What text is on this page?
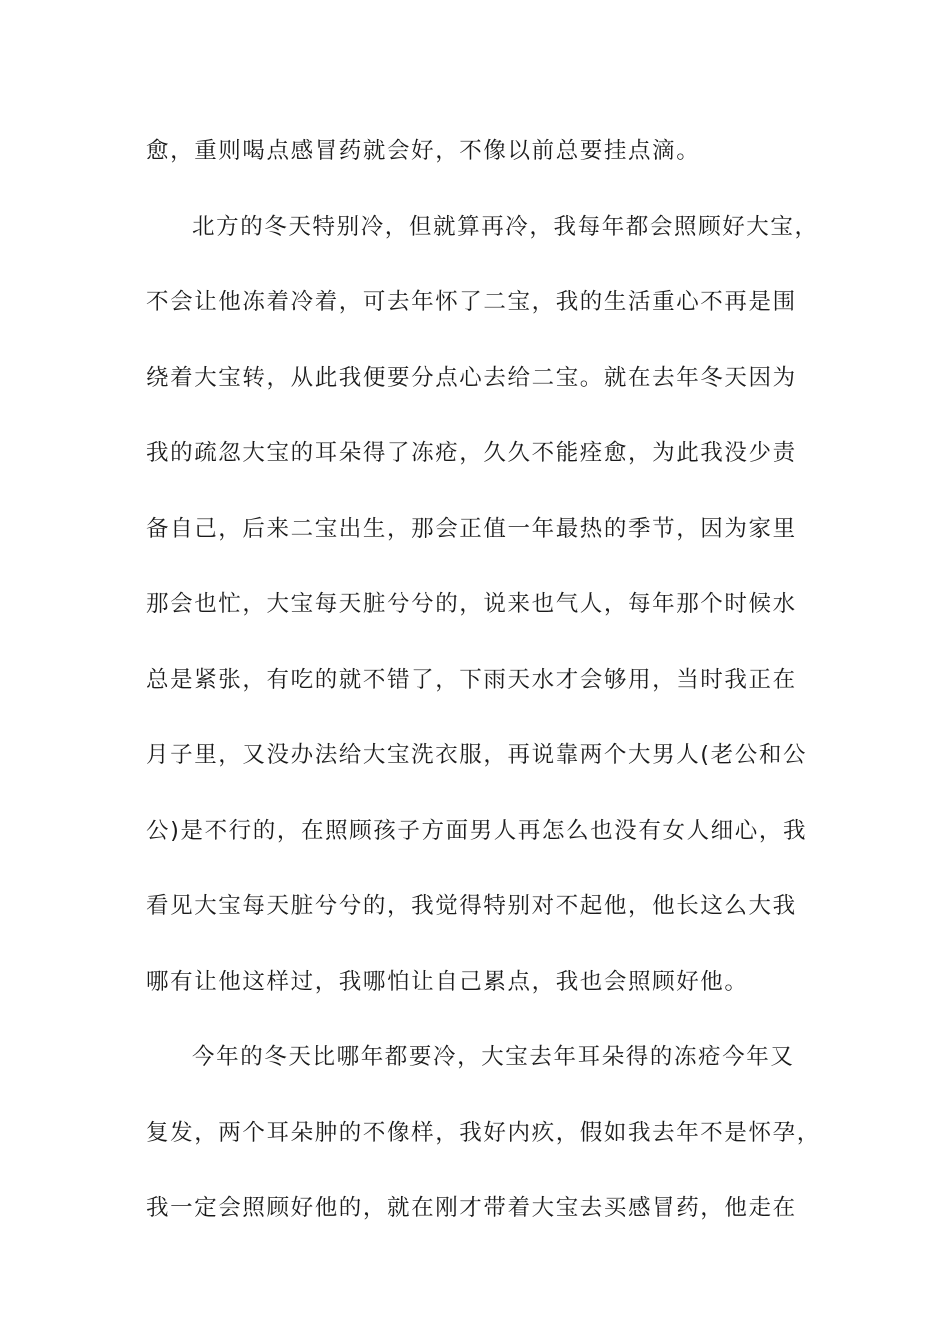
愈，重则喝点感冒药就会好，不像以前总要挂点滴。
北方的冬天特别冷，但就算再冷，我每年都会照顾好大宝，
不会让他冻着冷着，可去年怀了二宝，我的生活重心不再是围
绕着大宝转，从此我便要分点心去给二宝。就在去年冬天因为
我的疏忽大宝的耳朵得了冻疮，久久不能痊愈，为此我没少责
备自己，后来二宝出生，那会正值一年最热的季节，因为家里
那会也忙，大宝每天脏兮兮的，说来也气人，每年那个时候水
总是紧张，有吃的就不错了，下雨天水才会够用，当时我正在
月子里，又没办法给大宝洗衣服，再说靠两个大男人(老公和公
公)是不行的，在照顾孩子方面男人再怎么也没有女人细心，我
看见大宝每天脏兮兮的，我觉得特别对不起他，他长这么大我
哪有让他这样过，我哪怕让自己累点，我也会照顾好他。
今年的冬天比哪年都要冷，大宝去年耳朵得的冻疮今年又
复发，两个耳朵肿的不像样，我好内疚，假如我去年不是怀孕，
我一定会照顾好他的，就在刚才带着大宝去买感冒药，他走在
